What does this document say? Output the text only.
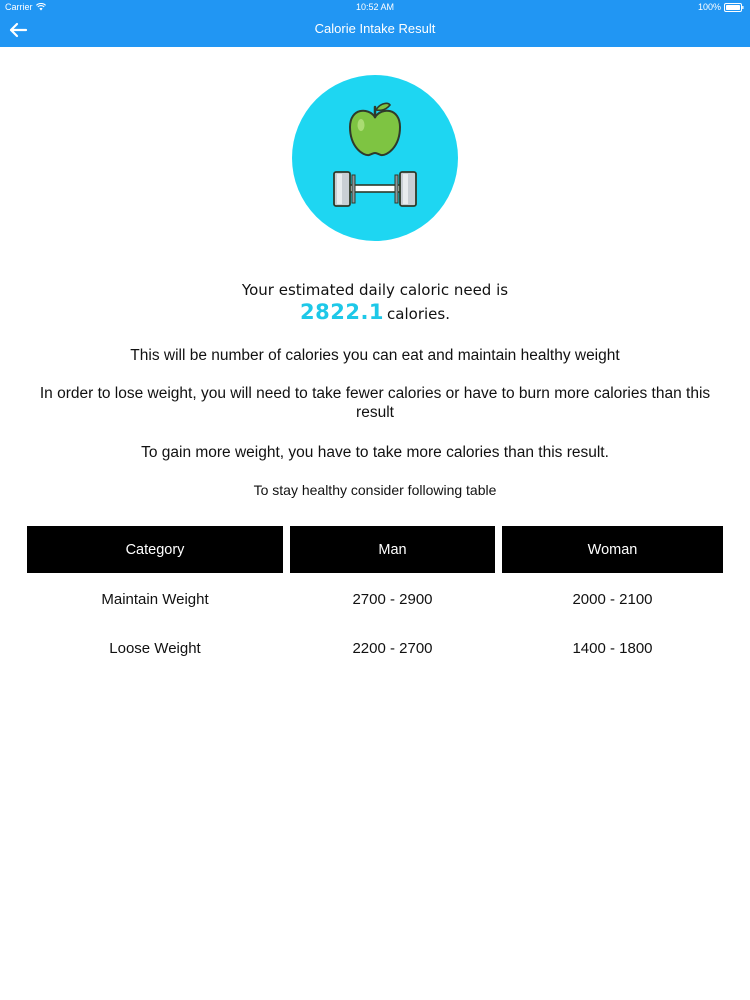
Carrier	10:52 AM	100%
Calorie Intake Result
Your estimated daily caloric need is
2822.1 calories.
This will be number of calories you can eat and maintain healthy weight
In order to lose weight, you will need to take fewer calories or have to burn more calories than this result
To gain more weight, you have to take more calories than this result.
To stay healthy consider following table
Category	Man	Woman
Maintain Weight	2700 - 2900	2000 - 2100
Loose Weight	2200 - 2700	1400 - 1800
